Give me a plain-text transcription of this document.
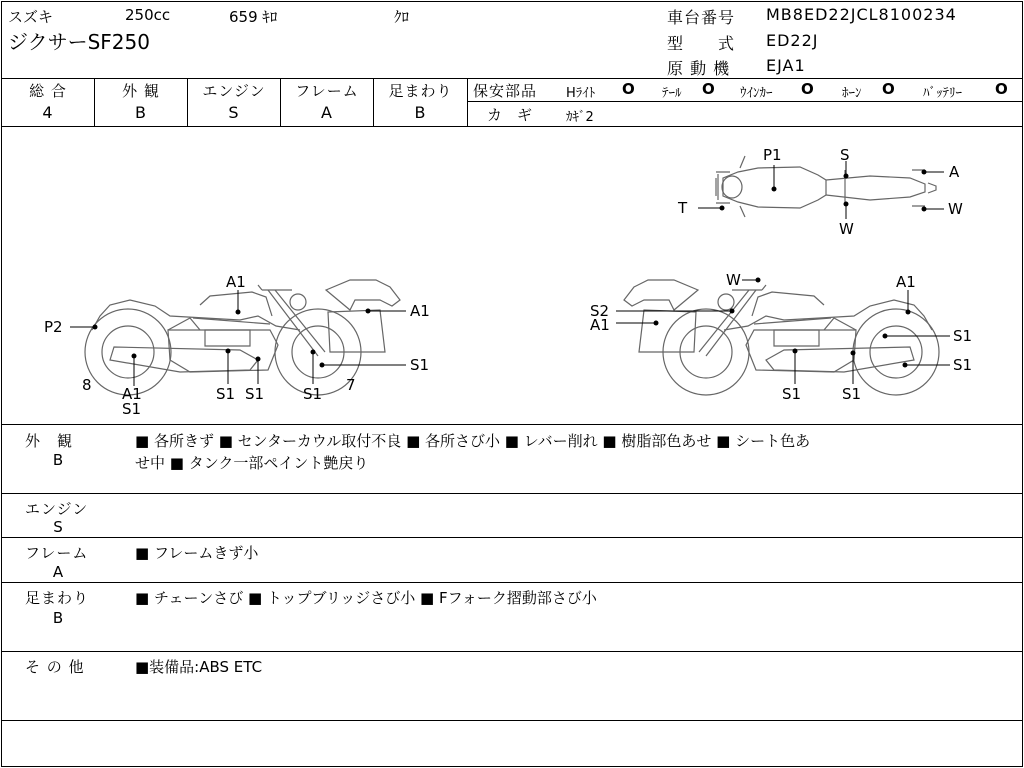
スズキ	250cc	659 ｷﾛ	ｸﾛ
ジクサーSF250
車台番号 MB8ED22JCL8100234
型　　式 ED22J
原 動 機 EJA1
総 合
4
外 観
B
エンジン
S
フレーム
A
足まわり
B
保安部品 Hﾗｲﾄ O ﾃｰﾙ O ｳｲﾝｶｰ O ﾎｰﾝ O ﾊﾞｯﾃﾘｰ O
カ　ギ	ｶｷﾞ2
P1	S
A
T
W
W
A1
A1
P2
S1
8	7
A1
S1
S1 S1	S1
W	A1
S2
A1
S1
S1
S1	S1
外　観
B
■ 各所きず ■ センターカウル取付不良 ■ 各所さび小 ■ レバー削れ ■ 樹脂部色あせ ■ シート色あ
せ中 ■ タンク一部ペイント艶戻り
エンジン
S
フレーム
A
■ フレームきず小
足まわり
B
■ チェーンさび ■ トップブリッジさび小 ■ Fフォーク摺動部さび小
そ の 他	■装備品:ABS ETC
